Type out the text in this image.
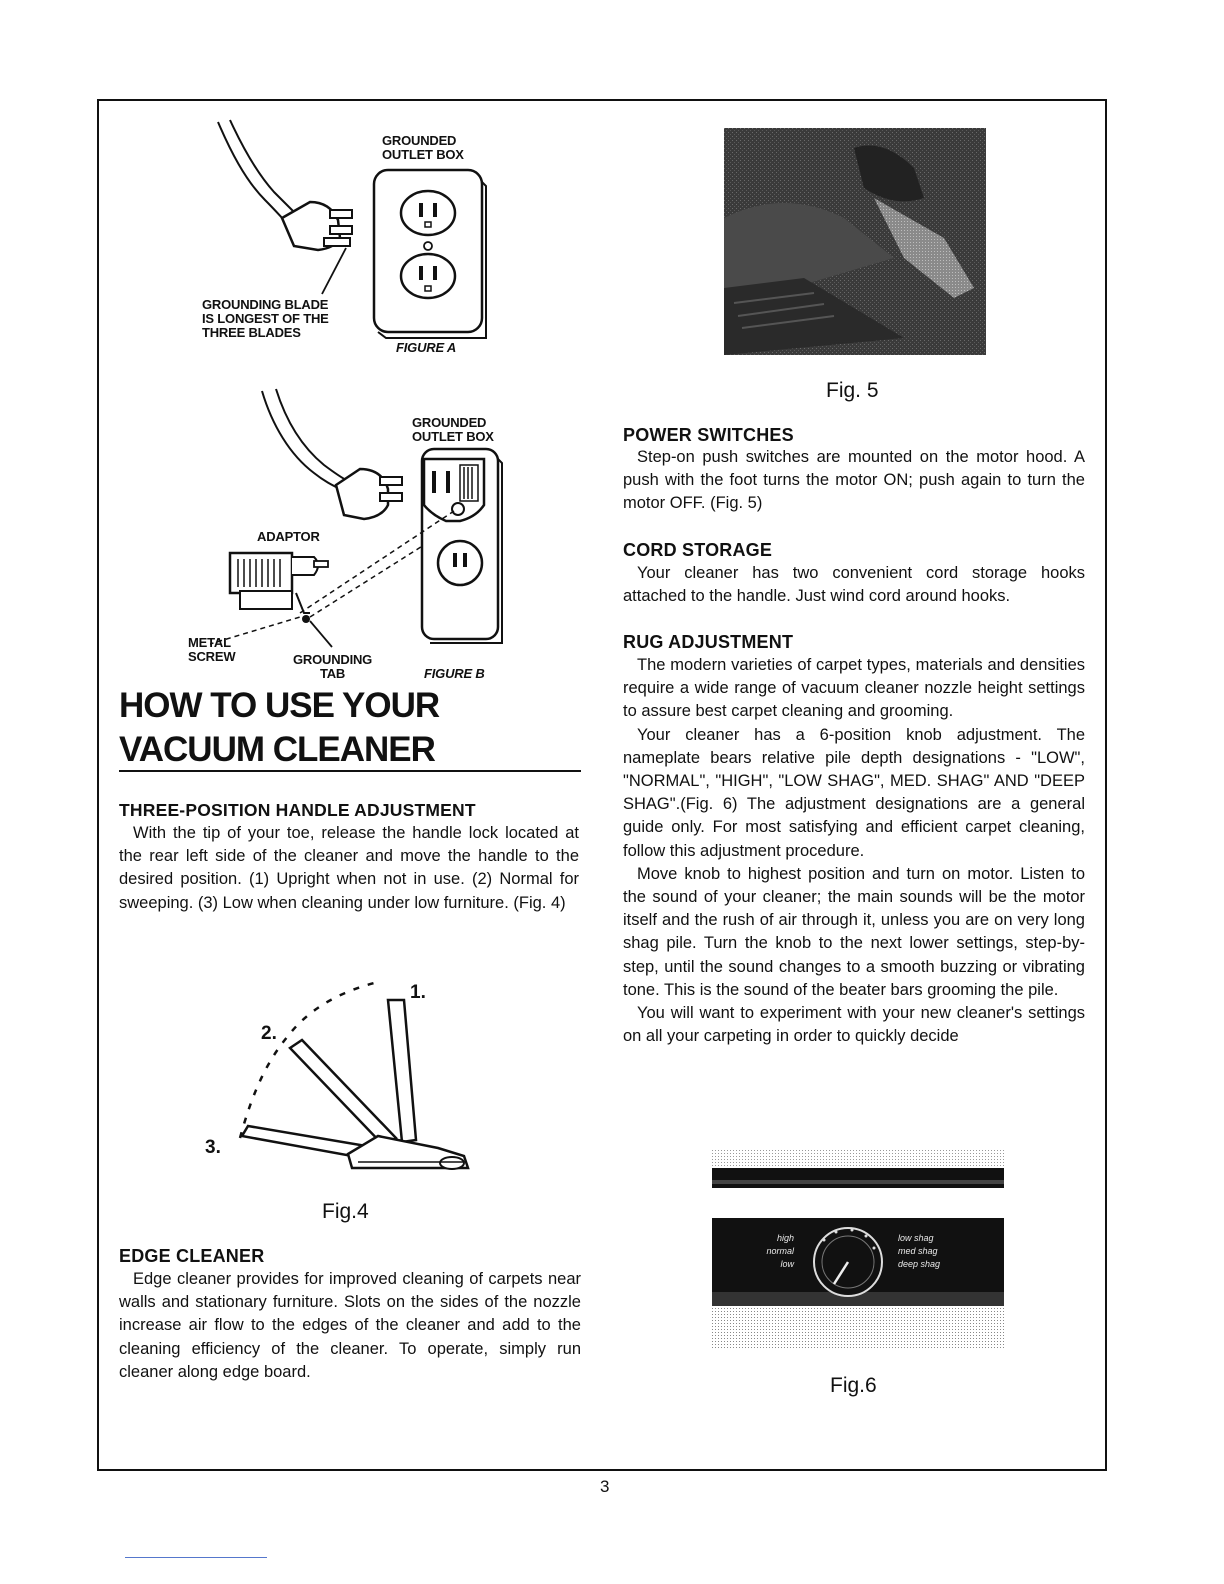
GROUNDED
OUTLET BOX
GROUNDING BLADE
IS LONGEST OF THE
THREE BLADES
FIGURE A
GROUNDED
OUTLET BOX
ADAPTOR
METAL
SCREW	GROUNDING
TAB	FIGURE B
HOW TO USE YOUR
VACUUM CLEANER
THREE-POSITION HANDLE ADJUSTMENT

With the tip of your toe, release the handle lock located at the rear left side of the cleaner and move the handle to the desired position. (1) Upright when not in use. (2) Normal for sweeping. (3) Low when cleaning under low furniture. (Fig. 4)

1.
2.
3.
Fig.4
EDGE CLEANER

Edge cleaner provides for improved cleaning of carpets near walls and stationary furniture. Slots on the sides of the nozzle increase air flow to the edges of the cleaner and add to the cleaning efficiency of the cleaner. To operate, simply run cleaner along edge board.

Fig. 5
POWER SWITCHES

Step-on push switches are mounted on the motor hood. A push with the foot turns the motor ON; push again to turn the motor OFF. (Fig. 5)

CORD STORAGE

Your cleaner has two convenient cord storage hooks attached to the handle. Just wind cord around hooks.

RUG ADJUSTMENT

The modern varieties of carpet types, materials and densities require a wide range of vacuum cleaner nozzle height settings to assure best carpet cleaning and grooming.

Your cleaner has a 6-position knob adjustment. The nameplate bears relative pile depth designations - "LOW", "NORMAL", "HIGH", "LOW SHAG", MED. SHAG" AND "DEEP SHAG".(Fig. 6) The adjustment designations are a general guide only. For most satisfying and efficient carpet cleaning, follow this adjustment procedure.

Move knob to highest position and turn on motor. Listen to the sound of your cleaner; the main sounds will be the motor itself and the rush of air through it, unless you are on very long shag pile. Turn the knob to the next lower settings, step-by-step, until the sound changes to a smooth buzzing or vibrating tone. This is the sound of the beater bars grooming the pile.

You will want to experiment with your new cleaner's settings on all your carpeting in order to quickly decide

high
normal
low
low shag
med shag
deep shag
Fig.6
3
